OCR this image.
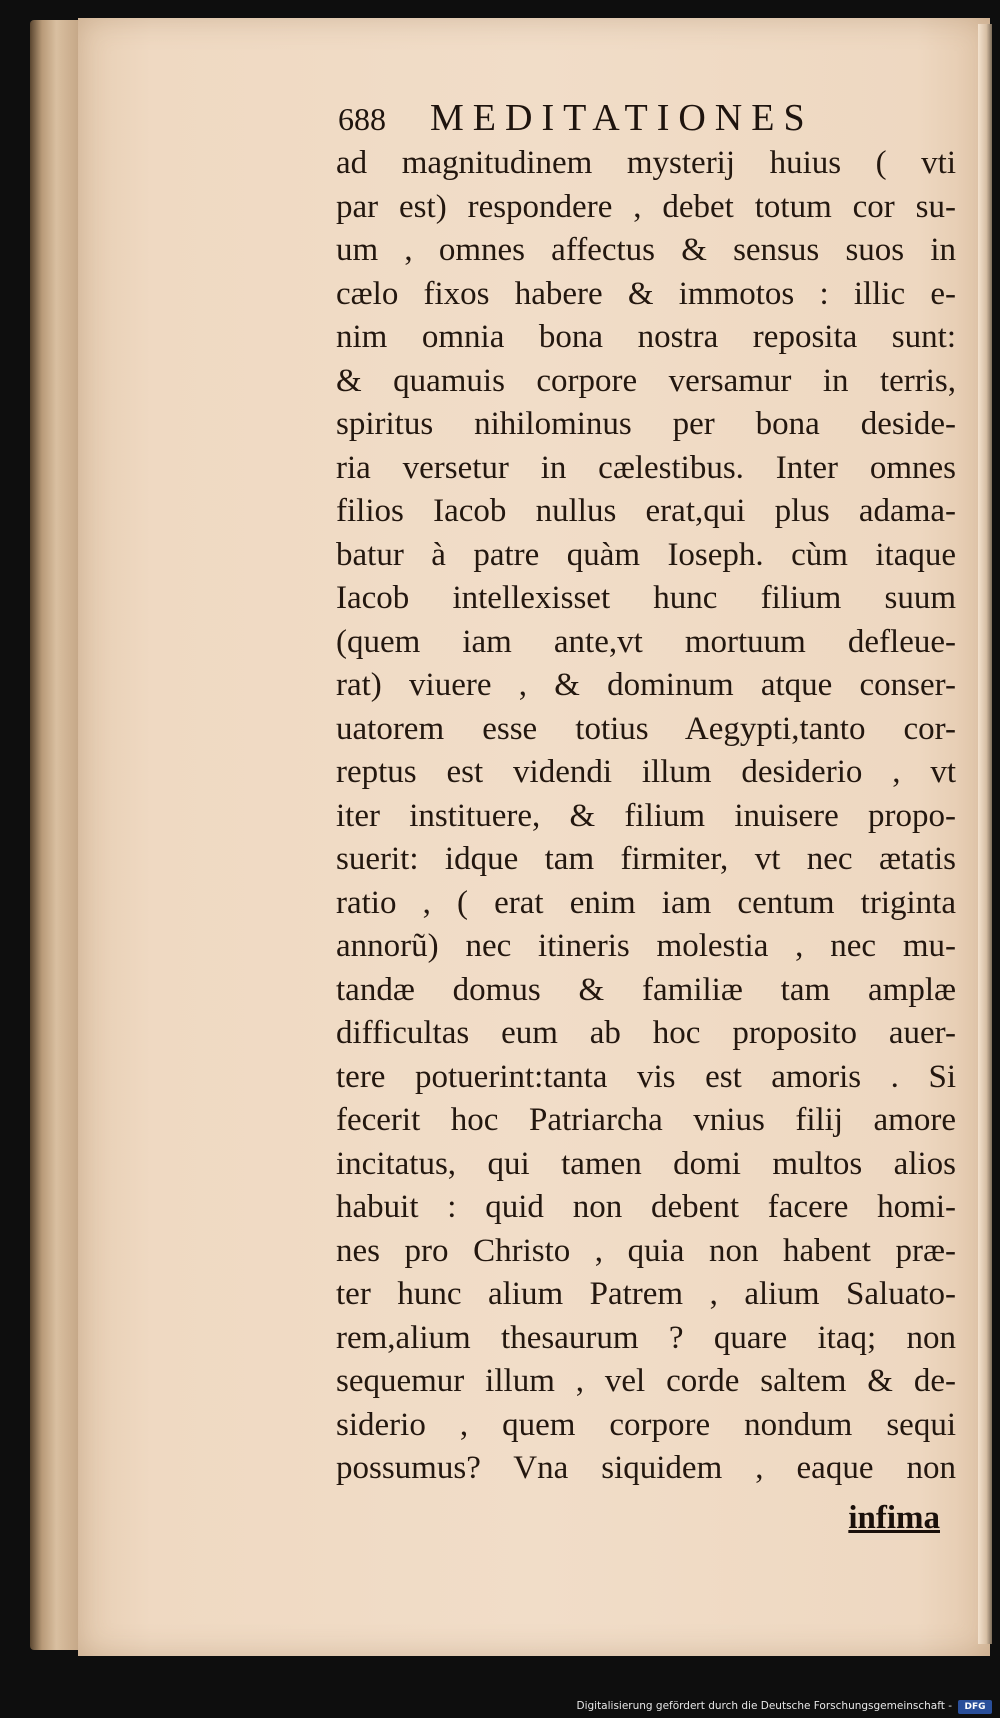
688	MEDITATIONES
ad magnitudinem mysterij huius ( vti
par est) respondere , debet totum cor su-
um , omnes affectus & sensus suos in
cælo fixos habere & immotos : illic e-
nim omnia bona nostra reposita sunt:
& quamuis corpore versamur in terris,
spiritus nihilominus per bona deside-
ria versetur in cælestibus. Inter omnes
filios Iacob nullus erat,qui plus adama-
batur à patre quàm Ioseph. cùm itaque
Iacob intellexisset hunc filium suum
(quem iam ante,vt mortuum defleue-
rat) viuere , & dominum atque conser-
uatorem esse totius Aegypti,tanto cor-
reptus est videndi illum desiderio , vt
iter instituere, & filium inuisere propo-
suerit: idque tam firmiter, vt nec ætatis
ratio , ( erat enim iam centum triginta
annorũ) nec itineris molestia , nec mu-
tandæ domus & familiæ tam amplæ
difficultas eum ab hoc proposito auer-
tere potuerint:tanta vis est amoris . Si
fecerit hoc Patriarcha vnius filij amore
incitatus, qui tamen domi multos alios
habuit : quid non debent facere homi-
nes pro Christo , quia non habent præ-
ter hunc alium Patrem , alium Saluato-
rem,alium thesaurum ? quare itaq; non
sequemur illum , vel corde saltem & de-
siderio , quem corpore nondum sequi
possumus? Vna siquidem , eaque non
infima
Digitalisierung gefördert durch die Deutsche Forschungsgemeinschaft -	DFG
